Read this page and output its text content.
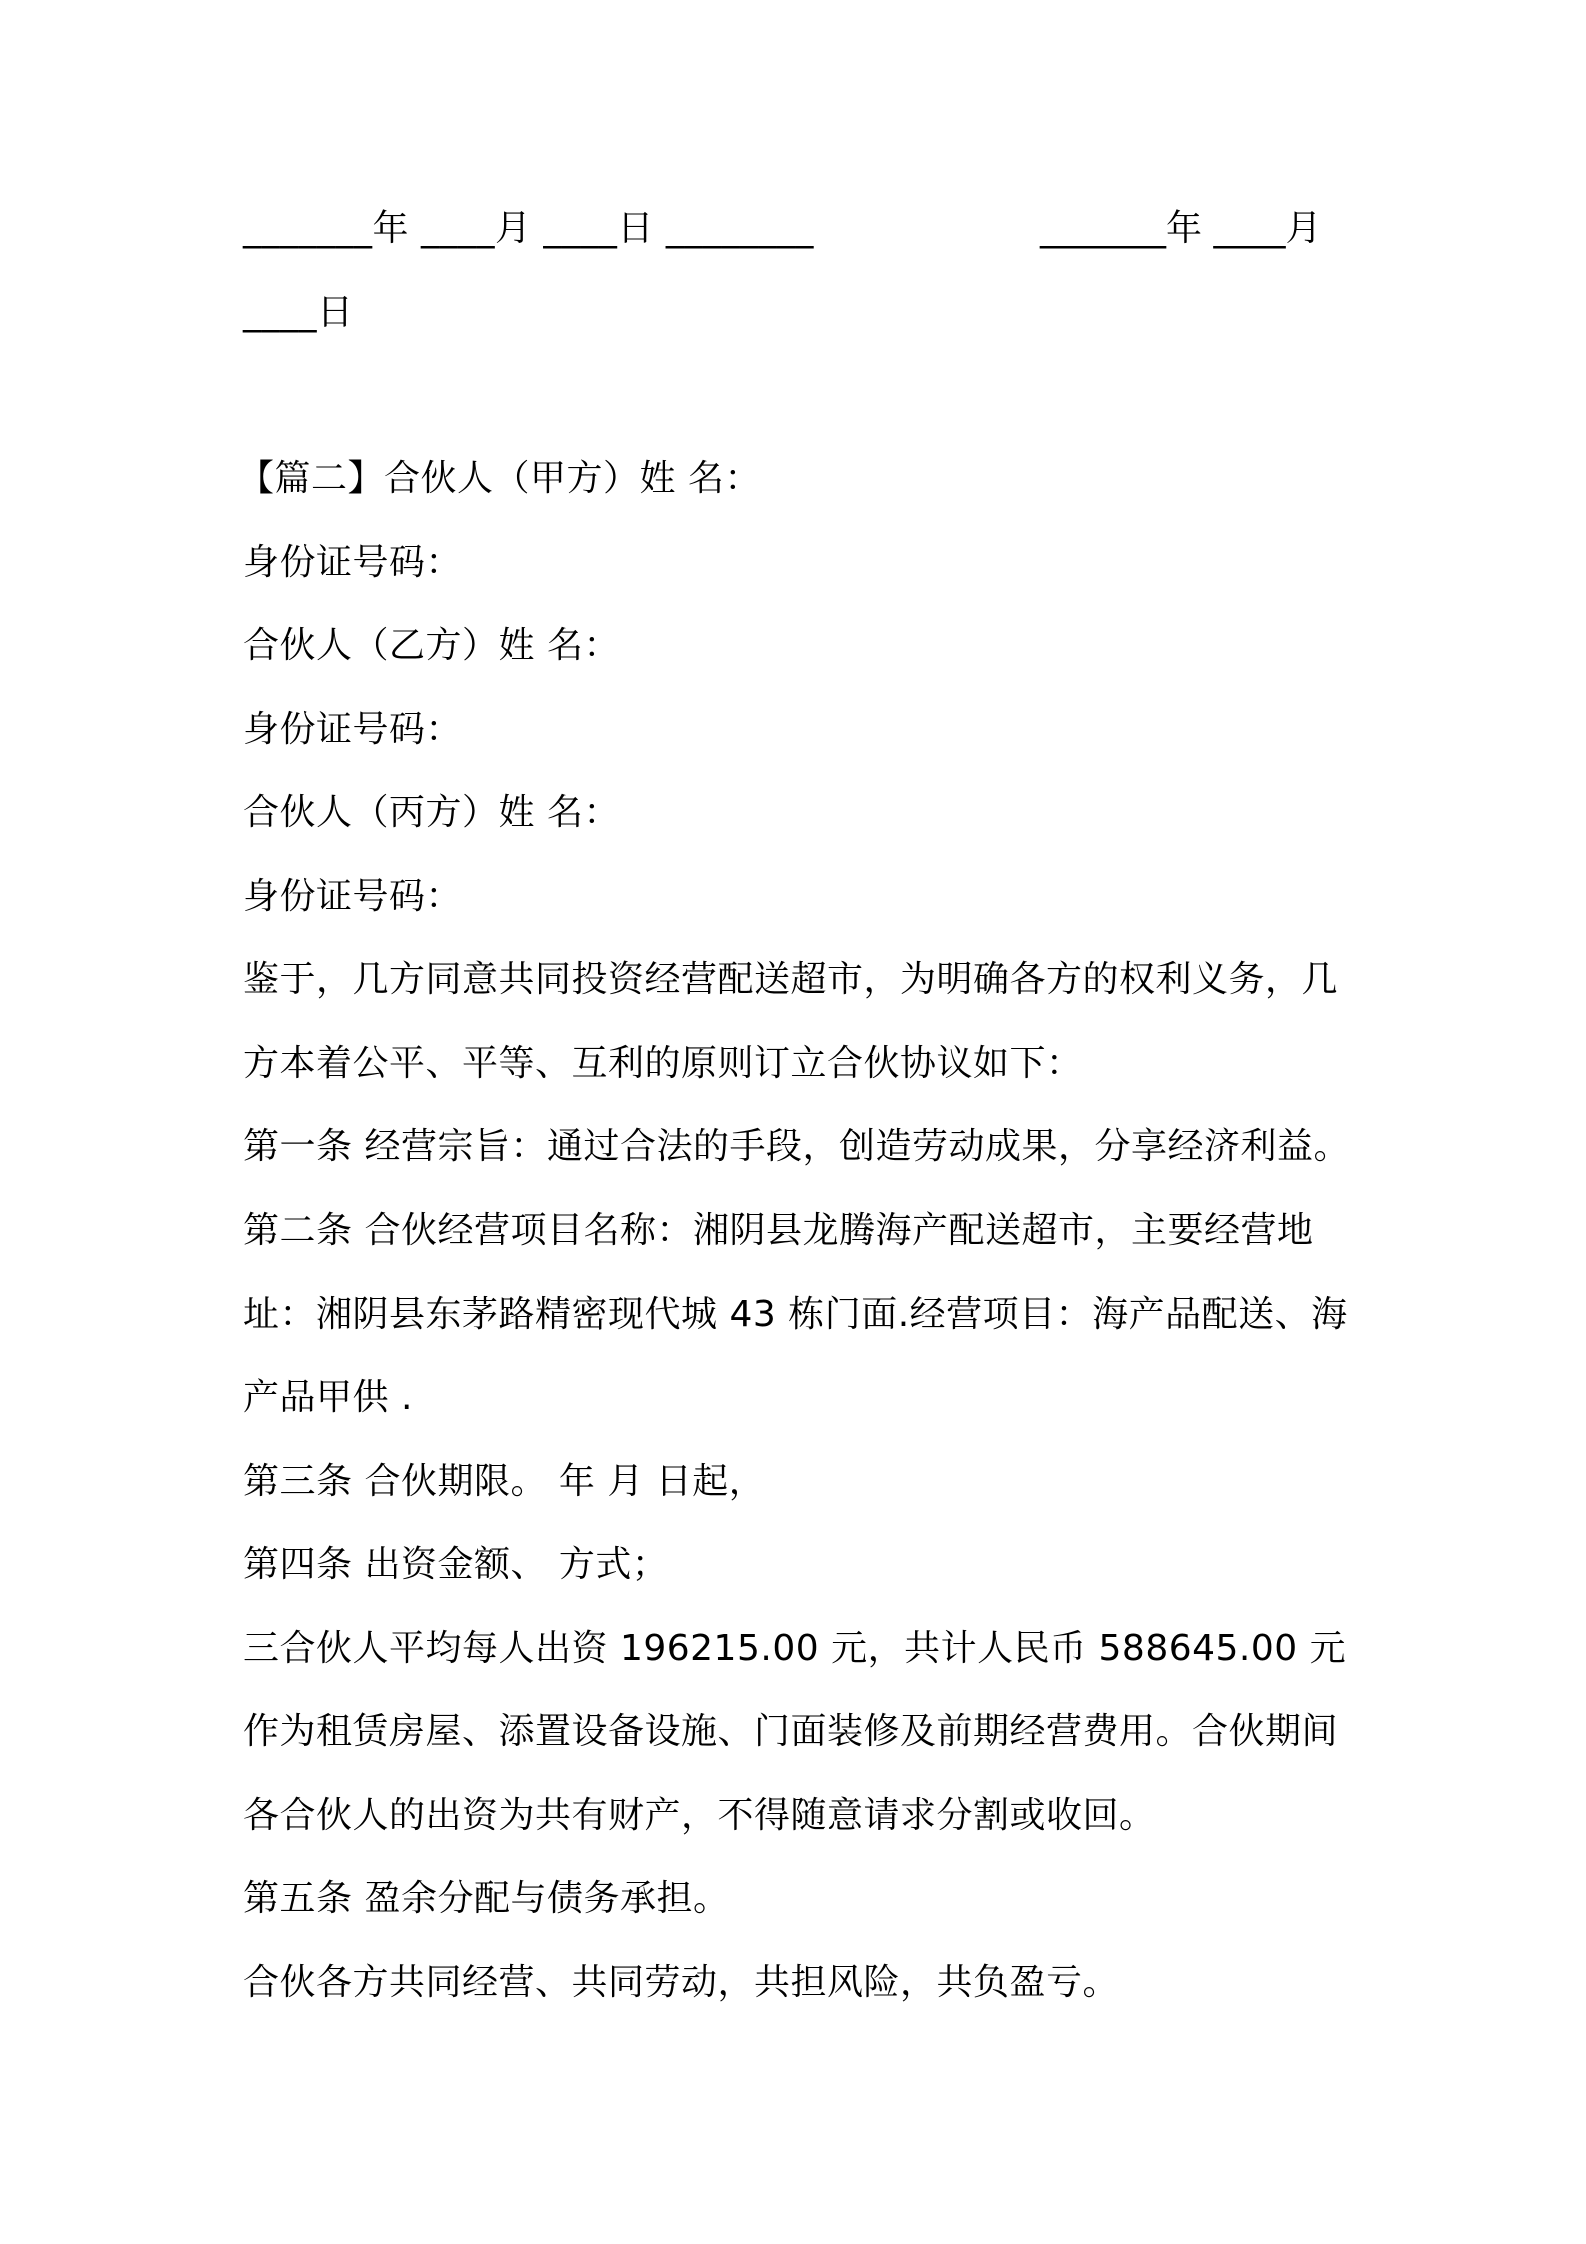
_______年 ____月 ____日 ________	_______年 ____月
____日
【篇二】合伙人（甲方）姓 名：
身份证号码：
合伙人（乙方）姓 名：
身份证号码：
合伙人（丙方）姓 名：
身份证号码：
鉴于，几方同意共同投资经营配送超市，为明确各方的权利义务，几
方本着公平、平等、互利的原则订立合伙协议如下：
第一条 经营宗旨：通过合法的手段，创造劳动成果，分享经济利益。
第二条 合伙经营项目名称：湘阴县龙腾海产配送超市，主要经营地
址：湘阴县东茅路精密现代城 43 栋门面.经营项目：海产品配送、海
产品甲供 .
第三条 合伙期限。 年 月 日起，
第四条 出资金额、 方式；
三合伙人平均每人出资 196215.00 元，共计人民币 588645.00 元
作为租赁房屋、添置设备设施、门面装修及前期经营费用。合伙期间
各合伙人的出资为共有财产，不得随意请求分割或收回。
第五条 盈余分配与债务承担。
合伙各方共同经营、共同劳动，共担风险，共负盈亏。
